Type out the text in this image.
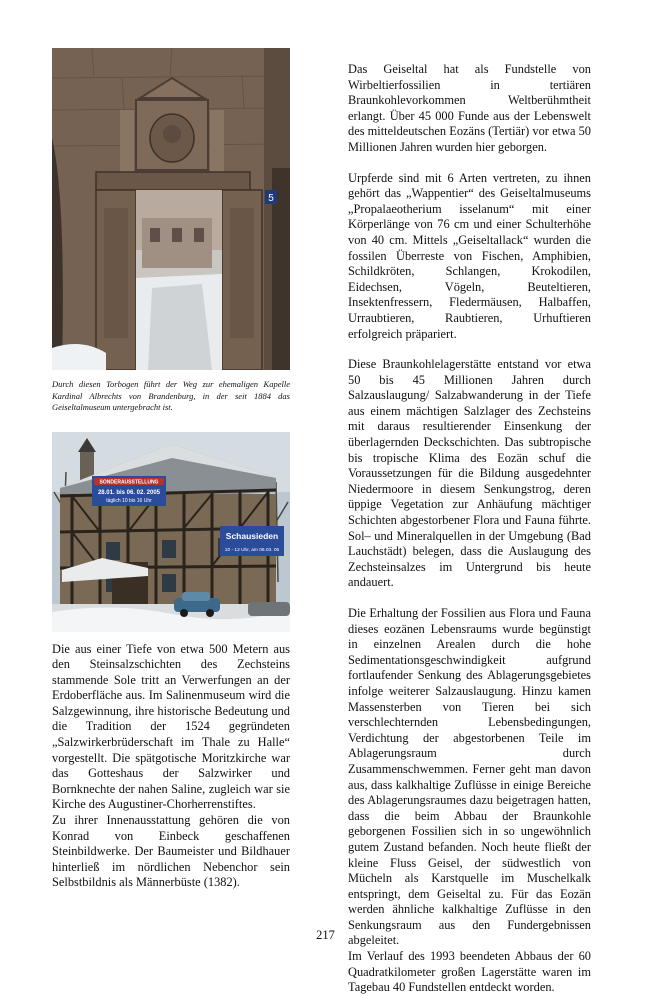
5

Durch diesen Torbogen führt der Weg zur ehemaligen Kapelle Kardinal Albrechts von Brandenburg, in der seit 1884 das Geiseltalmuseum untergebracht ist.

SONDERAUSSTELLUNG
28.01. bis 06. 02. 2005
täglich 10 bis 16 Uhr
Schausieden
10 - 12 Uhr, am 06.03. 05

Die aus einer Tiefe von etwa 500 Metern aus den Steinsalzschichten des Zechsteins stammende Sole tritt an Verwerfungen an der Erdoberfläche aus. Im Salinenmuseum wird die Salzgewinnung, ihre historische Bedeutung und die Tradition der 1524 gegründeten „Salzwirkerbrüderschaft im Thale zu Halle“ vorgestellt. Die spätgotische Moritzkirche war das Gotteshaus der Salzwirker und Bornknechte der nahen Saline, zugleich war sie Kirche des Augustiner-Chorherrenstiftes.

Zu ihrer Innenausstattung gehören die von Konrad von Einbeck geschaffenen Steinbildwerke. Der Baumeister und Bildhauer hinterließ im nördlichen Nebenchor sein Selbstbildnis als Männerbüste (1382).

Das Geiseltal hat als Fundstelle von Wirbeltierfossilien in tertiären Braunkohlevorkommen Weltberühmtheit erlangt. Über 45 000 Funde aus der Lebenswelt des mitteldeutschen Eozäns (Tertiär) vor etwa 50 Millionen Jahren wurden hier geborgen.

Urpferde sind mit 6 Arten vertreten, zu ihnen gehört das „Wappentier“ des Geiseltalmuseums „Propalaeotherium isselanum“ mit einer Körperlänge von 76 cm und einer Schulterhöhe von 40 cm. Mittels „Geiseltallack“ wurden die fossilen Überreste von Fischen, Amphibien, Schildkröten, Schlangen, Krokodilen, Eidechsen, Vögeln, Beuteltieren, Insektenfressern, Fledermäusen, Halbaffen, Urraubtieren, Raubtieren, Urhuftieren erfolgreich präpariert.

Diese Braunkohlelagerstätte entstand vor etwa 50 bis 45 Millionen Jahren durch Salzauslaugung/ Salzabwanderung in der Tiefe aus einem mächtigen Salzlager des Zechsteins mit daraus resultierender Einsenkung der überlagernden Deckschichten. Das subtropische bis tropische Klima des Eozän schuf die Voraussetzungen für die Bildung ausgedehnter Niedermoore in diesem Senkungstrog, deren üppige Vegetation zur Anhäufung mächtiger Schichten abgestorbener Flora und Fauna führte. Sol– und Mineralquellen in der Umgebung (Bad Lauchstädt) belegen, dass die Auslaugung des Zechsteinsalzes im Untergrund bis heute andauert.

Die Erhaltung der Fossilien aus Flora und Fauna dieses eozänen Lebensraums wurde begünstigt in einzelnen Arealen durch die hohe Sedimentationsgeschwindigkeit aufgrund fortlaufender Senkung des Ablagerungsgebietes infolge weiterer Salzauslaugung. Hinzu kamen Massensterben von Tieren bei sich verschlechternden Lebensbedingungen, Verdichtung der abgestorbenen Teile im Ablagerungsraum durch Zusammenschwemmen. Ferner geht man davon aus, dass kalkhaltige Zuflüsse in einige Bereiche des Ablagerungsraumes dazu beigetragen hatten, dass die beim Abbau der Braunkohle geborgenen Fossilien sich in so ungewöhnlich gutem Zustand befanden. Noch heute fließt der kleine Fluss Geisel, der südwestlich von Mücheln als Karstquelle im Muschelkalk entspringt, dem Geiseltal zu. Für das Eozän werden ähnliche kalkhaltige Zuflüsse in den Senkungsraum aus den Fundergebnissen abgeleitet.

Im Verlauf des 1993 beendeten Abbaus der 60 Quadratkilometer großen Lagerstätte waren im Tagebau 40 Fundstellen entdeckt worden.

217
